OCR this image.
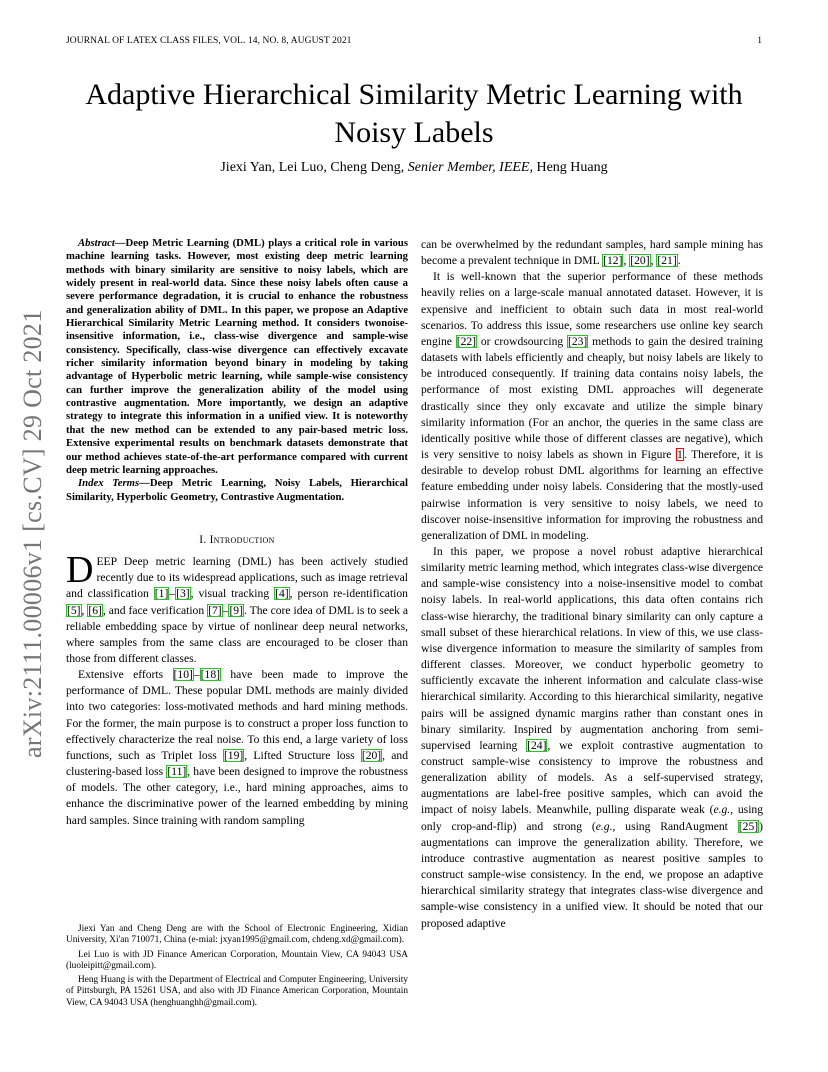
JOURNAL OF LATEX CLASS FILES, VOL. 14, NO. 8, AUGUST 2021	1
arXiv:2111.00006v1 [cs.CV] 29 Oct 2021
Adaptive Hierarchical Similarity Metric Learning with Noisy Labels
Jiexi Yan, Lei Luo, Cheng Deng, Senier Member, IEEE, Heng Huang

Abstract—Deep Metric Learning (DML) plays a critical role in various machine learning tasks. However, most existing deep metric learning methods with binary similarity are sensitive to noisy labels, which are widely present in real-world data. Since these noisy labels often cause a severe performance degradation, it is crucial to enhance the robustness and generalization ability of DML. In this paper, we propose an Adaptive Hierarchical Similarity Metric Learning method. It considers twonoise-insensitive information, i.e., class-wise divergence and sample-wise consistency. Specifically, class-wise divergence can effectively excavate richer similarity information beyond binary in modeling by taking advantage of Hyperbolic metric learning, while sample-wise consistency can further improve the generalization ability of the model using contrastive augmentation. More importantly, we design an adaptive strategy to integrate this information in a unified view. It is noteworthy that the new method can be extended to any pair-based metric loss. Extensive experimental results on benchmark datasets demonstrate that our method achieves state-of-the-art performance compared with current deep metric learning approaches.

Index Terms—Deep Metric Learning, Noisy Labels, Hierarchical Similarity, Hyperbolic Geometry, Contrastive Augmentation.

I. Introduction

DEEP Deep metric learning (DML) has been actively studied recently due to its widespread applications, such as image retrieval and classification [1]–[3], visual tracking [4], person re-identification [5], [6], and face verification [7]–[9]. The core idea of DML is to seek a reliable embedding space by virtue of nonlinear deep neural networks, where samples from the same class are encouraged to be closer than those from different classes.

Extensive efforts [10]–[18] have been made to improve the performance of DML. These popular DML methods are mainly divided into two categories: loss-motivated methods and hard mining methods. For the former, the main purpose is to construct a proper loss function to effectively characterize the real noise. To this end, a large variety of loss functions, such as Triplet loss [19], Lifted Structure loss [20], and clustering-based loss [11], have been designed to improve the robustness of models. The other category, i.e., hard mining approaches, aims to enhance the discriminative power of the learned embedding by mining hard samples. Since training with random sampling

Jiexi Yan and Cheng Deng are with the School of Electronic Engineering, Xidian University, Xi'an 710071, China (e-mial: jxyan1995@gmail.com, chdeng.xd@gmail.com).

Lei Luo is with JD Finance American Corporation, Mountain View, CA 94043 USA (luoleipitt@gmail.com).

Heng Huang is with the Department of Electrical and Computer Engineering, University of Pittsburgh, PA 15261 USA, and also with JD Finance American Corporation, Mountain View, CA 94043 USA (henghuanghh@gmail.com).

can be overwhelmed by the redundant samples, hard sample mining has become a prevalent technique in DML [12], [20], [21].

It is well-known that the superior performance of these methods heavily relies on a large-scale manual annotated dataset. However, it is expensive and inefficient to obtain such data in most real-world scenarios. To address this issue, some researchers use online key search engine [22] or crowdsourcing [23] methods to gain the desired training datasets with labels efficiently and cheaply, but noisy labels are likely to be introduced consequently. If training data contains noisy labels, the performance of most existing DML approaches will degenerate drastically since they only excavate and utilize the simple binary similarity information (For an anchor, the queries in the same class are identically positive while those of different classes are negative), which is very sensitive to noisy labels as shown in Figure 1. Therefore, it is desirable to develop robust DML algorithms for learning an effective feature embedding under noisy labels. Considering that the mostly-used pairwise information is very sensitive to noisy labels, we need to discover noise-insensitive information for improving the robustness and generalization of DML in modeling.

In this paper, we propose a novel robust adaptive hierarchical similarity metric learning method, which integrates class-wise divergence and sample-wise consistency into a noise-insensitive model to combat noisy labels. In real-world applications, this data often contains rich class-wise hierarchy, the traditional binary similarity can only capture a small subset of these hierarchical relations. In view of this, we use class-wise divergence information to measure the similarity of samples from different classes. Moreover, we conduct hyperbolic geometry to sufficiently excavate the inherent information and calculate class-wise hierarchical similarity. According to this hierarchical similarity, negative pairs will be assigned dynamic margins rather than constant ones in binary similarity. Inspired by augmentation anchoring from semi-supervised learning [24], we exploit contrastive augmentation to construct sample-wise consistency to improve the robustness and generalization ability of models. As a self-supervised strategy, augmentations are label-free positive samples, which can avoid the impact of noisy labels. Meanwhile, pulling disparate weak (e.g., using only crop-and-flip) and strong (e.g., using RandAugment [25]) augmentations can improve the generalization ability. Therefore, we introduce contrastive augmentation as nearest positive samples to construct sample-wise consistency. In the end, we propose an adaptive hierarchical similarity strategy that integrates class-wise divergence and sample-wise consistency in a unified view. It should be noted that our proposed adaptive
